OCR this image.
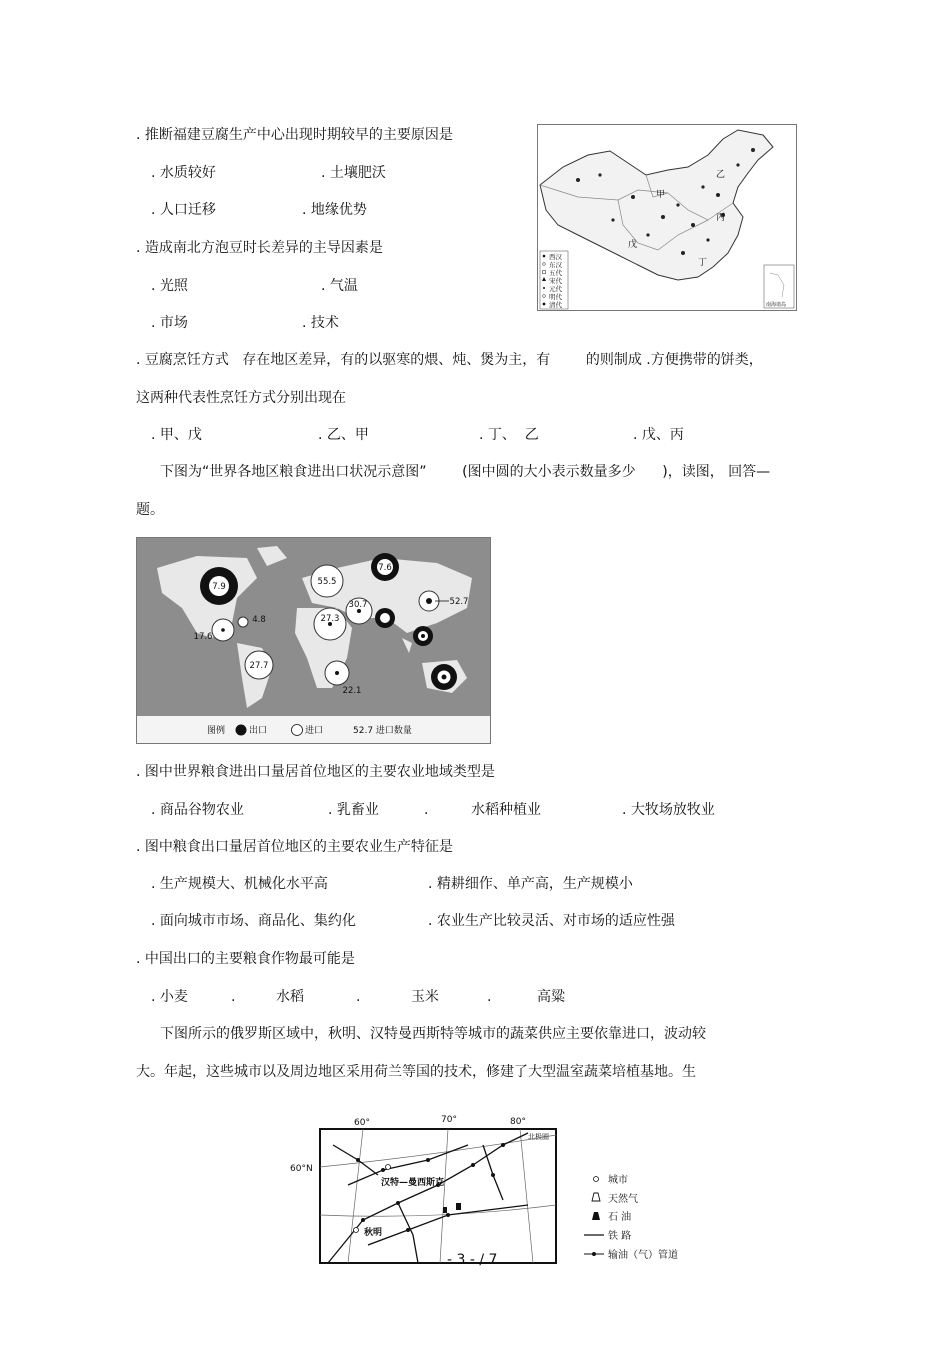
. 推断福建豆腐生产中心出现时期较早的主要原因是
. 水质较好	. 土壤肥沃
. 人口迁移	. 地缘优势
. 造成南北方泡豆时长差异的主导因素是
. 光照	. 气温
. 市场	. 技术
甲
乙
丙
丁
戊
西汉
东汉
五代
宋代
元代
明代
清代	南海诸岛
. 豆腐烹饪方式   存在地区差异，有的以驱寒的煨、炖、煲为主，有        的则制成 .方便携带的饼类，
这两种代表性烹饪方式分别出现在
. 甲、戊	. 乙、甲	. 丁、  乙	. 戊、丙
下图为“世界各地区粮食进出口状况示意图”        (图中圆的大小表示数量多少      )，读图， 回答—
题。
7.9	55.5
7.6
4.8
17.6
30.7
27.3
52.7
27.7
22.1
图例	出口	进口	52.7 进口数量
. 图中世界粮食进出口量居首位地区的主要农业地域类型是
. 商品谷物农业	. 乳畜业	.	水稻种植业	. 大牧场放牧业
. 图中粮食出口量居首位地区的主要农业生产特征是
. 生产规模大、机械化水平高	. 精耕细作、单产高，生产规模小
. 面向城市市场、商品化、集约化	. 农业生产比较灵活、对市场的适应性强
. 中国出口的主要粮食作物最可能是
. 小麦	.	水稻	.	玉米	.	高粱
下图所示的俄罗斯区域中，秋明、汉特曼西斯特等城市的蔬菜供应主要依靠进口，波动较
大。年起，这些城市以及周边地区采用荷兰等国的技术，修建了大型温室蔬菜培植基地。生
60°	70°	80°
60°N
北极圈
汉特—曼西斯克
秋明
城市
天然气
石 油
铁 路
输油（气）管道
- 3 - / 7
